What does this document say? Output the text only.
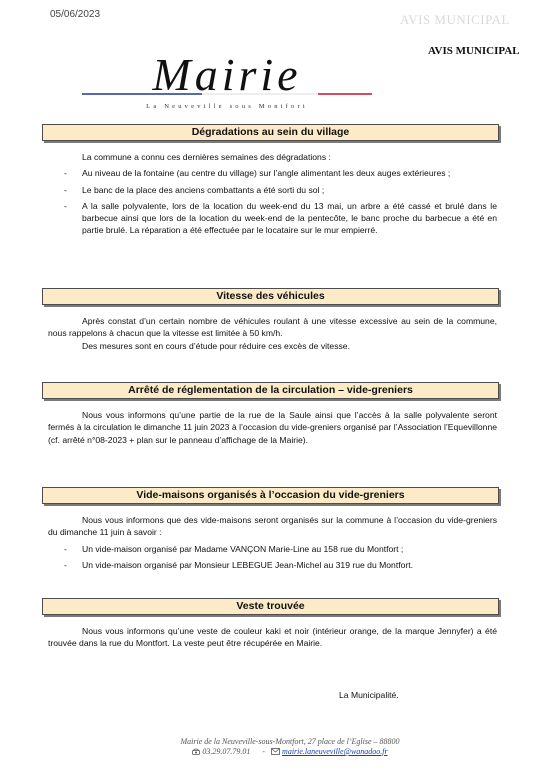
05/06/2023	AVIS MUNICIPAL
AVIS MUNICIPAL
Mairie
La Neuveville sous Montfort
Dégradations au sein du village

La commune a connu ces dernières semaines des dégradations :

- Au niveau de la fontaine (au centre du village) sur l’angle alimentant les deux auges extérieures ;
- Le banc de la place des anciens combattants a été sorti du sol ;
- A la salle polyvalente, lors de la location du week-end du 13 mai, un arbre a été cassé et brulé dans le barbecue ainsi que lors de la location du week-end de la pentecôte, le banc proche du barbecue a été en partie brulé. La réparation a été effectuée par le locataire sur le mur empierré.
Vitesse des véhicules

Après constat d’un certain nombre de véhicules roulant à une vitesse excessive au sein de la commune, nous rappelons à chacun que la vitesse est limitée à 50 km/h.

Des mesures sont en cours d’étude pour réduire ces excès de vitesse.

Arrêté de réglementation de la circulation – vide-greniers

Nous vous informons qu’une partie de la rue de la Saule ainsi que l’accès à la salle polyvalente seront fermés à la circulation le dimanche 11 juin 2023 à l’occasion du vide-greniers organisé par l’Association l’Equevillonne (cf. arrêté n°08-2023 + plan sur le panneau d’affichage de la Mairie).

Vide-maisons organisés à l’occasion du vide-greniers

Nous vous informons que des vide-maisons seront organisés sur la commune à l’occasion du vide-greniers du dimanche 11 juin à savoir :

- Un vide-maison organisé par Madame VANÇON Marie-Line au 158 rue du Montfort ;
- Un vide-maison organisé par Monsieur LEBEGUE Jean-Michel au 319 rue du Montfort.
Veste trouvée

Nous vous informons qu’une veste de couleur kaki et noir (intérieur orange, de la marque Jennyfer) a été trouvée dans la rue du Montfort. La veste peut être récupérée en Mairie.

La Municipalité.
Mairie de la Neuveville-sous-Montfort, 27 place de l’Eglise – 88800
03.29.07.79.01 - mairie.laneuveville@wanadoo.fr
